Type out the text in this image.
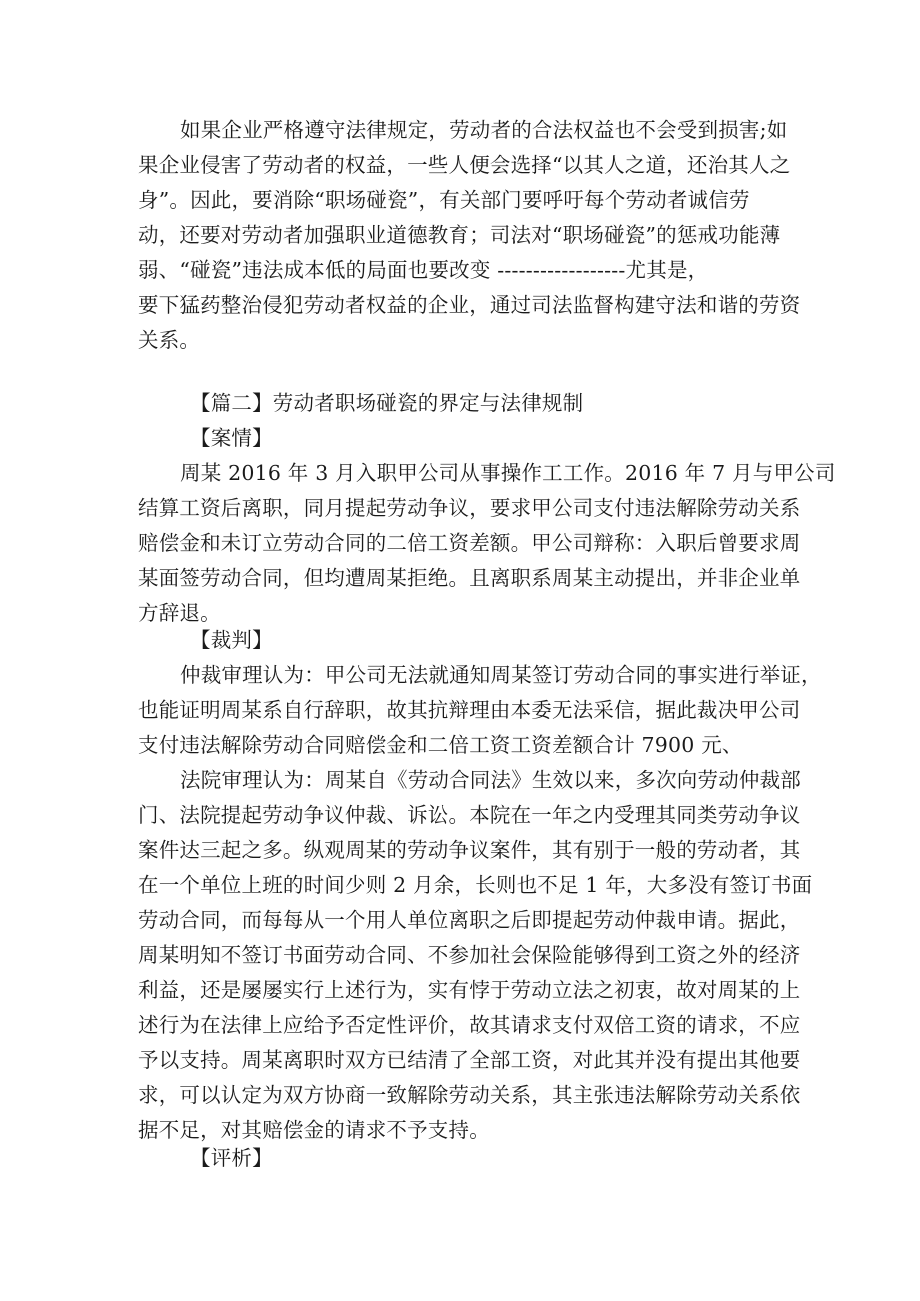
如果企业严格遵守法律规定，劳动者的合法权益也不会受到损害;如
果企业侵害了劳动者的权益，一些人便会选择“以其人之道，还治其人之
身”。因此，要消除“职场碰瓷”，有关部门要呼吁每个劳动者诚信劳
动，还要对劳动者加强职业道德教育；司法对“职场碰瓷”的惩戒功能薄
弱、“碰瓷”违法成本低的局面也要改变 ------------------尤其是，
要下猛药整治侵犯劳动者权益的企业，通过司法监督构建守法和谐的劳资
关系。
【篇二】劳动者职场碰瓷的界定与法律规制
【案情】
周某 2016 年 3 月入职甲公司从事操作工工作。2016 年 7 月与甲公司
结算工资后离职，同月提起劳动争议，要求甲公司支付违法解除劳动关系
赔偿金和未订立劳动合同的二倍工资差额。甲公司辩称：入职后曾要求周
某面签劳动合同，但均遭周某拒绝。且离职系周某主动提出，并非企业单
方辞退。
【裁判】
仲裁审理认为：甲公司无法就通知周某签订劳动合同的事实进行举证，
也能证明周某系自行辞职，故其抗辩理由本委无法采信，据此裁决甲公司
支付违法解除劳动合同赔偿金和二倍工资工资差额合计 7900 元、
法院审理认为：周某自《劳动合同法》生效以来，多次向劳动仲裁部
门、法院提起劳动争议仲裁、诉讼。本院在一年之内受理其同类劳动争议
案件达三起之多。纵观周某的劳动争议案件，其有别于一般的劳动者，其
在一个单位上班的时间少则 2 月余，长则也不足 1 年，大多没有签订书面
劳动合同，而每每从一个用人单位离职之后即提起劳动仲裁申请。据此，
周某明知不签订书面劳动合同、不参加社会保险能够得到工资之外的经济
利益，还是屡屡实行上述行为，实有悖于劳动立法之初衷，故对周某的上
述行为在法律上应给予否定性评价，故其请求支付双倍工资的请求，不应
予以支持。周某离职时双方已结清了全部工资，对此其并没有提出其他要
求，可以认定为双方协商一致解除劳动关系，其主张违法解除劳动关系依
据不足，对其赔偿金的请求不予支持。
【评析】
